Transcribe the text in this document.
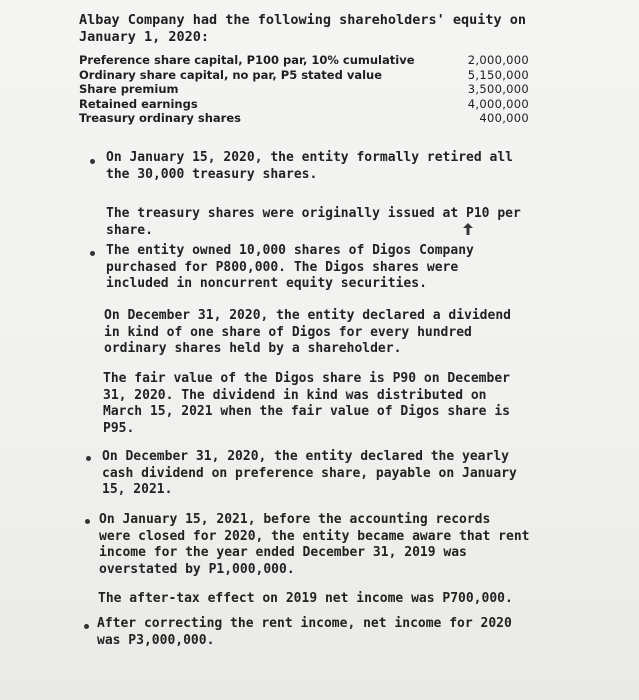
Albay Company had the following shareholders' equity on
January 1, 2020:
Preference share capital, P100 par, 10% cumulative	2,000,000
Ordinary share capital, no par, P5 stated value	5,150,000
Share premium	3,500,000
Retained earnings	4,000,000
Treasury ordinary shares	400,000
On January 15, 2020, the entity formally retired all
the 30,000 treasury shares.
The treasury shares were originally issued at P10 per
share.
The entity owned 10,000 shares of Digos Company
purchased for P800,000. The Digos shares were
included in noncurrent equity securities.
On December 31, 2020, the entity declared a dividend
in kind of one share of Digos for every hundred
ordinary shares held by a shareholder.
The fair value of the Digos share is P90 on December
31, 2020. The dividend in kind was distributed on
March 15, 2021 when the fair value of Digos share is
P95.
On December 31, 2020, the entity declared the yearly
cash dividend on preference share, payable on January
15, 2021.
On January 15, 2021, before the accounting records
were closed for 2020, the entity became aware that rent
income for the year ended December 31, 2019 was
overstated by P1,000,000.
The after-tax effect on 2019 net income was P700,000.
After correcting the rent income, net income for 2020
was P3,000,000.
